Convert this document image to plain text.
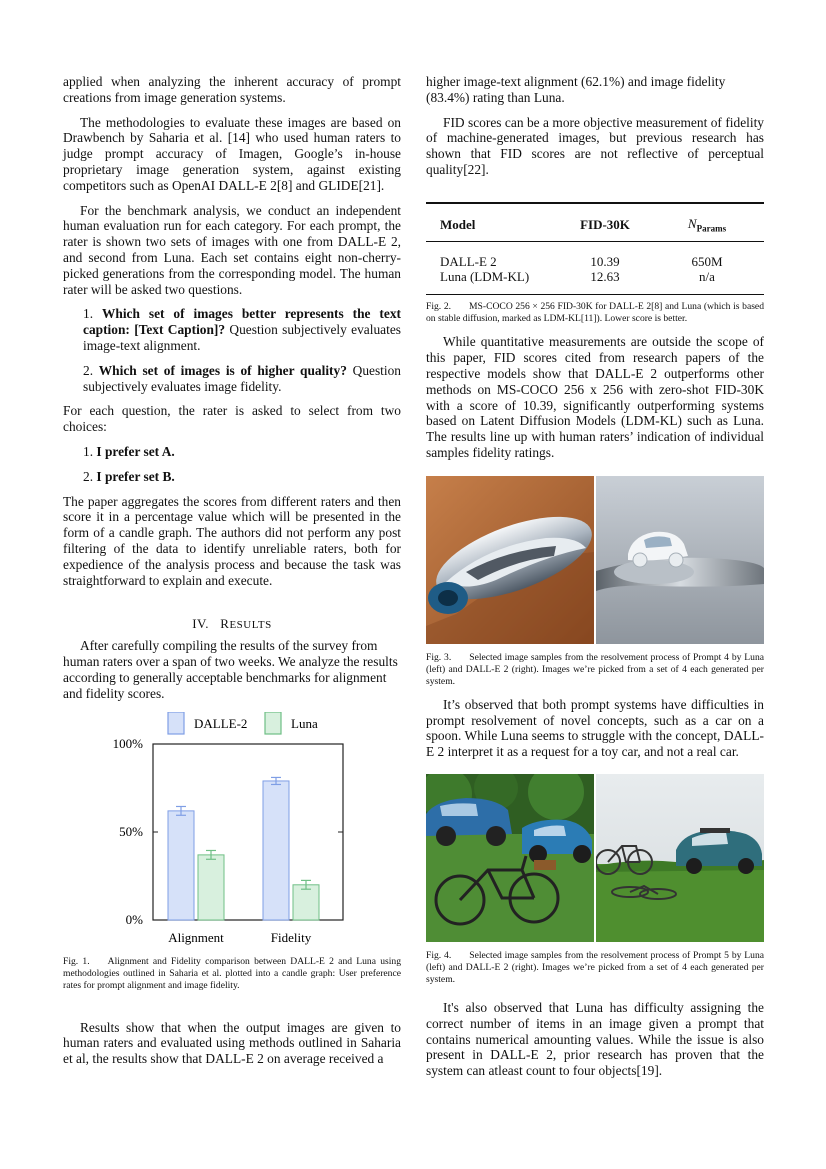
applied when analyzing the inherent accuracy of prompt creations from image generation systems.

The methodologies to evaluate these images are based on Drawbench by Saharia et al. [14] who used human raters to judge prompt accuracy of Imagen, Google’s in-house proprietary image generation system, against existing competitors such as OpenAI DALL-E 2[8] and GLIDE[21].

For the benchmark analysis, we conduct an independent human evaluation run for each category. For each prompt, the rater is shown two sets of images with one from DALL-E 2, and second from Luna. Each set contains eight non-cherry-picked generations from the corresponding model. The human rater will be asked two questions.

1. Which set of images better represents the text caption: [Text Caption]? Question subjectively evaluates image-text alignment.

2. Which set of images is of higher quality? Question subjectively evaluates image fidelity.

For each question, the rater is asked to select from two choices:

1. I prefer set A.

2. I prefer set B.

The paper aggregates the scores from different raters and then score it in a percentage value which will be presented in the form of a candle graph. The authors did not perform any post filtering of the data to identify unreliable raters, both for expedience of the analysis process and because the task was straightforward to explain and execute.

IV. RESULTS

After carefully compiling the results of the survey from human raters over a span of two weeks. We analyze the results according to generally acceptable benchmarks for alignment and fidelity scores.

0%
50%
100%
Alignment	Fidelity
DALLE-2	Luna

Fig. 1. Alignment and Fidelity comparison between DALL-E 2 and Luna using methodologies outlined in Saharia et al. plotted into a candle graph: User preference rates for prompt alignment and image fidelity.

Results show that when the output images are given to human raters and evaluated using methods outlined in Saharia et al, the results show that DALL-E 2 on average received a

higher image-text alignment (62.1%) and image fidelity (83.4%) rating than Luna.

FID scores can be a more objective measurement of fidelity of machine-generated images, but previous research has shown that FID scores are not reflective of perceptual quality[22].

Model	FID-30K	$N_{Params}$
DALL-E 2	10.39	650M
Luna (LDM-KL)	12.63	n/a

Fig. 2. MS-COCO 256 × 256 FID-30K for DALL-E 2[8] and Luna (which is based on stable diffusion, marked as LDM-KL[11]). Lower score is better.

While quantitative measurements are outside the scope of this paper, FID scores cited from research papers of the respective models show that DALL-E 2 outperforms other methods on MS-COCO 256 x 256 with zero-shot FID-30K with a score of 10.39, significantly outperforming systems based on Latent Diffusion Models (LDM-KL) such as Luna. The results line up with human raters’ indication of individual samples fidelity ratings.

Fig. 3. Selected image samples from the resolvement process of Prompt 4 by Luna (left) and DALL-E 2 (right). Images we’re picked from a set of 4 each generated per system.

It’s observed that both prompt systems have difficulties in prompt resolvement of novel concepts, such as a car on a spoon. While Luna seems to struggle with the concept, DALL-E 2 interpret it as a request for a toy car, and not a real car.

Fig. 4. Selected image samples from the resolvement process of Prompt 5 by Luna (left) and DALL-E 2 (right). Images we’re picked from a set of 4 each generated per system.

It's also observed that Luna has difficulty assigning the correct number of items in an image given a prompt that contains numerical amounting values. While the issue is also present in DALL-E 2, prior research has proven that the system can atleast count to four objects[19].
